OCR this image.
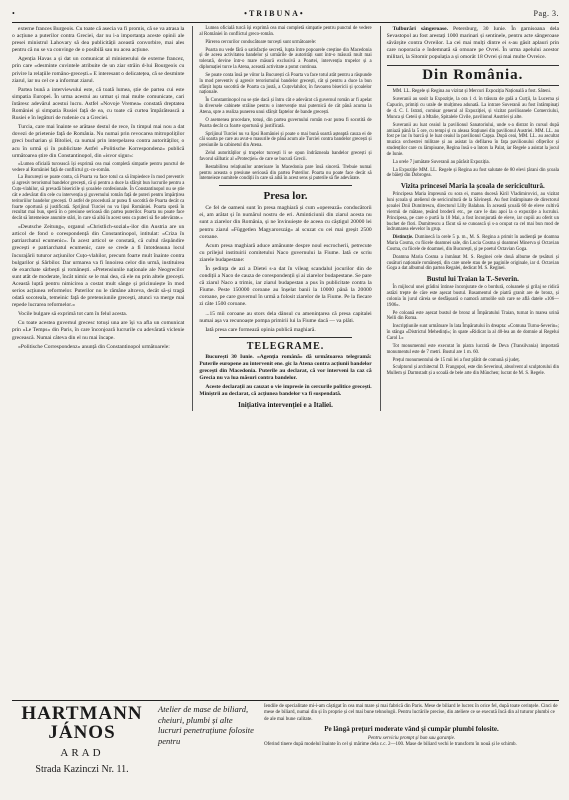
•	•TRIBUNA•	Pag. 3.

externe frances Burgeois. Cu toate că asecia va fi promis, că se va atrasa la o acțiune a puterilor contra Greciei, dar nu i-a importanța aceste opinii ale presei ministrul Lahovary să dea publicității această convorbire, mai ales pentru că nu se va convinge de o posibilă sau nu acea acțiune.

Agenția Havas a și dat un comunicat al ministerului de externe francez, prin care «desminte cuvintele atribuite de un ziar străin d-lui Bourgeois cu privire la relațiile româno-grecești.» E interesant o delicatețea, că se desminte ziarul, iar nu cel ce a informat ziarul.

Partea bună a interviewului este, că toată lumea, știe de partea cui este simpatia Europei. În urma acestui au urmat și mai multe comunicate, cari întăresc adevărul acestui lucru. Astfel «Novoje Vremea» constată dreptatea României și simpatia Rusiei față de ea, cu toate că curtea împărătească a Rusiei e în legături de rudenie cu a Greciei.

Turcia, care mai înainte se arătase destul de rece, în timpul mai nou a dat dovezi de prietenie față de România. Nu numai prin revocarea mitropoliților greci bucharian și Bitoliei, ca numai prin interpelarea contra autorităților, o acu în urmă și în publicitate Astfel «Politische Korrespondenz» publică următoarea știre din Constantinopol, din «isvor sigur»:

«Lumea oficială turcească își exprimă cea mai completă simpatie pentru punctul de vedere al României față de conflictul gr.-co-român.

La București se poate conta, că Poarta va face totul ca să împiedece în mod preventiv și agresiv terorismul bandelor grecești, că și pentru a duce la sfârșit bun lucrurile pentru a Cuțo-vlahilor, să prevadă bisericile și școalele confesionale. În Constantinopol nu se știe cât e adevărat din cele cu intervenția și guvernului român față de puteri pentru împărțirea teritoriilor bandelor grecești. O astfel de procedură ar putea fi socotită de Poarta decât ca foarte oportună și justificată. Sprijinul Turciei nu va lipsi României. Poarta speră în rezultat mai bun, speră în o presiune serioasă din partea puterilor. Poarta nu poate face decât să întemeieze anumite stări, în care să aibă în acest sens ca puteri să fie adevărate.»

«Deutsche Zeitung», organul «Christlich-sozial»-ilor din Austria are un articol de fond o corespondență din Constantinopol, intitulat: «Criza în patriarchatul ecumenic». În acest articol se constată, că cultul răspândire grecești e patriarchatul ecumenic, care se crede a fi întotdeauna locul încurajării tuturor acțiunilor Cuțo-vlahilor, precum foarte mult înainte contra bulgarilor și Sârbilor. Dar urmarea va fi înnoirea celor din urmă, instituirea de exarchate sârbești și românești. «Pretensiunile naționale ale Neogrecilor sunt atât de moderate, încât nimic se le mai dea, că ele nu prin altele grecești. Această luptă pentru nimicirea a costat mult sânge și pricinuiește în mod serios acțiunea reformelor. Puterilor nu le rămâne altceva, decât să-și tragă odată socoteala, temeinic față de pretensiunile grecești, atunci va merge mai repede lucrarea reformelor.»

Vocile bulgare să exprimă tot cam în felul acesta.

Cu toate acestea guvernul grecesc totuși una are își va afla un comunicat prin «Le Temps» din Paris, în care înconjoară lucrurile cu adevărată viclenie grecească. Numai câteva din el nu mai încape.

«Politische Correspondenz» anunță din Constantinopol următoarele:

Lumea oficială turcă își exprimă cea mai completă simpatie pentru punctul de vedere al României în conflictul greco-român.

Părerea cercurilor conducătoare turcești sunt următoarele:

Poarta nu vede fără o satisfacție secretă, lupta între popoarele creștine din Macedonia și de aceea activitatea bandelor și urmările de autorități sunt într-o măsură mult mai tolerată, devine într-o mare măsură exclusivă a Poartei, intervenția trupelor și a diplomației turce la Atena, această activitate a putut continua.

Se poate conta însă pe viitor la București că Poarta va face totul atât pentru a răspunde în mod preventiv și agresiv terorismului bandelor grecești, cât și pentru a duce la bun sfârșit lupta socotită de Poarta ca justă, a Cuțovlahilor, în favoarea bisericii și școalelor naționale.

În Constantinopol nu se știe dacă și întru cât e adevărat că guvernul român ar fi apelat la diversele cabinete străine pentru o intervenție mai puternică de cât până acuma la Atena, spre a realiza punerea unui sfârșit faptelor de bande grecești.

O asemenea procedare, totuși, din partea guvernului român n-ar putea fi socotită de Poarta decât ca foarte oportună și justificată.

Sprijinul Turciei nu va lipsi României și poate o mai bună soartă așteaptă cauza ei de căi soarta pe care au avut-o masurile de până acum ale Turciei contra bandelor grecești și presiunile la cabinetul din Atena.

Zelul autorităților și trupelor turcești li se opun îndrăzneala bandelor grecești și favorul sălbatic al «Protecției» de care se bucură Grecii.

Restabilirea relațiunilor anterioare în Macedonia pare însă sinceră. Trebuie numai pentru aceasta o presiune serioasă din partea Puterilor. Poarta nu poate face decât să întemeieze numitele condiții în care să aibă în acest sens și puterile să fie adevărate.

Presa lor.

Ce fel de oameni sunt în presa maghiară și cum «operează» conducătorii ei, am arătat și în numărul nostru de eri. Aminticiunii din ziarul acesta nu sunt a ziarelor din România, și ne învinuiește de aceea cu câștigul 20000 lei pentru ziarul «Független Magyarország» al scuzat cu cei mai greșit 2500 coroane.

Acum presa maghiară aduce amănunte despre noul escrocherii, petrecute cu prilejul instituirii comitetului Naco guvernului la Fiume. Iată ce scriu ziarele budapestane:

În ședința de azi a Dietei s-a dat în vileag scandalul jocurilor din de condiții a Naco de cauza de corespondenții și ai ziarelor budapestane. Se pare că ziarul Naco a trimis, iar ziarul budapestan a pus în publicitate contra la Fiume. Peste 150000 coroane au înșelat banii la 10000 până la 20000 coroane, pe care guvernul în urmă a folosit ziarelor de la Fiume. Pe la fiecare zi câte 1500 coroane.

...15 mii coroane au stors dela dânsul cu amenințarea că presa capitalei numai așa va recunoaște pompa primirii lui la Fiume dacă — va plăti.

Iată presa care formează opinia publică maghiară.

TELEGRAME.

București 30 Iunie. «Agenția română» dă următoarea telegramă: Puterile europene au intervenit ene. gic la Atena contra acțiunii bandelor grecești din Macedonia. Puterile au declarat, că vor interveni la caz că Grecia nu va lua măsuri contra bandelor.

Aceste declarații au cauzat o vie impresie în cercurile politice grecești. Miniștrii au declarat, că acțiunea bandelor va fi suspendată.

Inițiativa intervenției e a Italiei.

Tulburări sângeroase. Petersburg, 30 Iunie. În garnisoana dela Sevastopol au fost arestați 1000 marinari și sentinele, pentru acte sângeroase săvârșite contra Ovreilor. La cei mai mulți dintre ei s-au găsit aplauri prin care noporacia e îndemnată să omoare pe Ovrei. În urma apelului acestor militari, la Sitomir populația a și omorât 18 Ovrei și mai multe Ovreice.

Din România.

MM. LL. Regele și Regina au vizitat și Mercuri Expoziția Națională a fost. Săteni.

Suveranii au sosit la Expoziție, la ora 1 d. în trăsura de gală a Curții, la Lucerna și Capucin, primiți cu urale de mulțimea adunată. La intrare Suveranii au fost întâmpinați de d. C. I. Istrati, comisar general al Expoziției, și vizitat pavilioanele Comerciului, Munca și Ceteii și a Mtalie, Spitalele Civile, pavilionul Austriei și alte.

Suveranii au luat ceaiul la pavilionul Sanatoriului, unde s-a distrat în cursul după amiază până la 5 ore, cu tempi și cu aleasa Stațiunei din pavilionul Austriei. MM. LL. au fost pe lac în barcă și le luat ceaiul la pavilionul Capșa. După ceai, MM. LL. au ascultat muzica orchestrei militare și au asistat la defilarea în fața pavilionului ofițerilor și studenților care cu lămpioane, Regina însă s-a întors la Palat, iar Regele a asistat la jocul de Iunie.

La orele 7 jumătate Suveranii au părăsit Expoziția.

La Expoziție MM. LL. Regele și Regina au fost salutate de 80 elevi țărani din școala de băieți din Dobrogea.

Vizita princesei Maria la școala de sericicultură.

Principesa Maria împreună cu sora ei, marea ducesă Kiril Vladimirovici, au vizitat luni școala și atelierul de sericicultură de la Săvinești. Au fost întâmpinate de directorul școalei Dnii Dumitrescu, directorul Lilly Balaban. În această școală 60 de eleve cultivă viermii de mătase, țesând broderii etc., pe care le dau apoi la o expoziție a lucrului. Principesa, pe care o purtă la 10 Mai, a fost înconjurată de eleve, iar copiii au oferit un buchet de flori. Dumitrescu a făcut să se cunoască și s-a ocupat ca cel mai bun mod de îndrumarea elevelor în grup.

Distincție. Duminecă la orele 5 p. m., M. S. Regina a primit în audiență pe doamna Maria Cosma, cu fiicele doamnei sale, din Lucia Cosma și doamnei Minerva și Octavian Cosma, cu fiicele de doamnei, din București, și pe poetul Octavian Goga.

Doamna Maria Cosma a înmânat M. S. Reginei cele două albume de țesături și cusături naționale românești, din care unele stau de pe paginile originale, iar d. Octavian Goga a dat albumul din partea Regalei, dedicat M. S. Reginei.

Bustul lui Traian la T.-Severin.

În mijlocul unei grădini întinse înconjurate de o bordură, coloanele și grilaj se ridică astăzi trepte de căre este aşezat bustul. Basamentul de piatră granit are de bronz, și colonia în jurul căreia se desfășoară o namoră armolile sub care se află datele «106—1906».

Pe coloană este așezat bustul de bronz al Împăratului Traian, turnat în marea urină Nelli din Roma.

Inscripțiunile sunt următoare în lata Împăratului în dreapta: «Comuna Turnu-Severin»; în stânga «Districtul Mehedinți»; în spate «Ridicat la al 40-lea an de domnie al Regelui Carol I.»

Tot monumentul este executat în piatra lucrată de Deva (Transilvania) importată monumentul este de 7 metri. Bustul are 1 m. 60.

Prețul monumentului de 15 mii lei a fost plătit de comună și județ.

Sculptorul și architectul D. Frangopol, este din Severinul, absolvent al sculptorului din Mullem și Darmstadt și a scoală de bele arte din München; lucrat de M. S. Regele.

HARTMANN JÁNOS
ARAD
Strada Kazinczi Nr. 11.
Atelier de mase de biliard, cheiuri, plumbi și alte lucruri penetrațiune folosite pentru
Iendile de specialitate mi-i-am câștigat în cea mai mare și mai fabrică din Paris. Mese de biliard le lucrez în orice fel, după toate cerințele. Cinci de mese de biliard, numai din și în proprie și cel mai bune tehnologii. Pentru lucrările precise, din ateliere ce se execută încă din al tuturor plumbi ce de ale mai bune calitate.
Pe lângă prețuri moderate vând și cumpăr plumbi folosite.
Pentru serviciu prompt și bun sau garanție.
Oferind tinere după modelul înainte în cel și mărime dela c.c. 2—100. Mase de biliard vechi le transform în nouă și le schimb.
